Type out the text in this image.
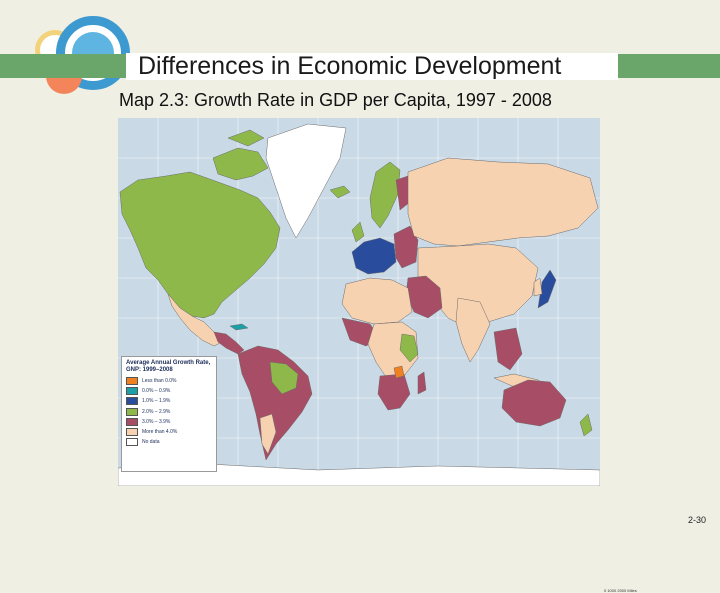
Differences in Economic Development
Map 2.3: Growth Rate in GDP per Capita, 1997 - 2008
0 1000 2000 Miles
Average Annual Growth Rate, GNP: 1999–2008
Less than 0.0%
0.0% – 0.9%
1.0% – 1.9%
2.0% – 2.9%
3.0% – 3.9%
More than 4.0%
No data
2-30
